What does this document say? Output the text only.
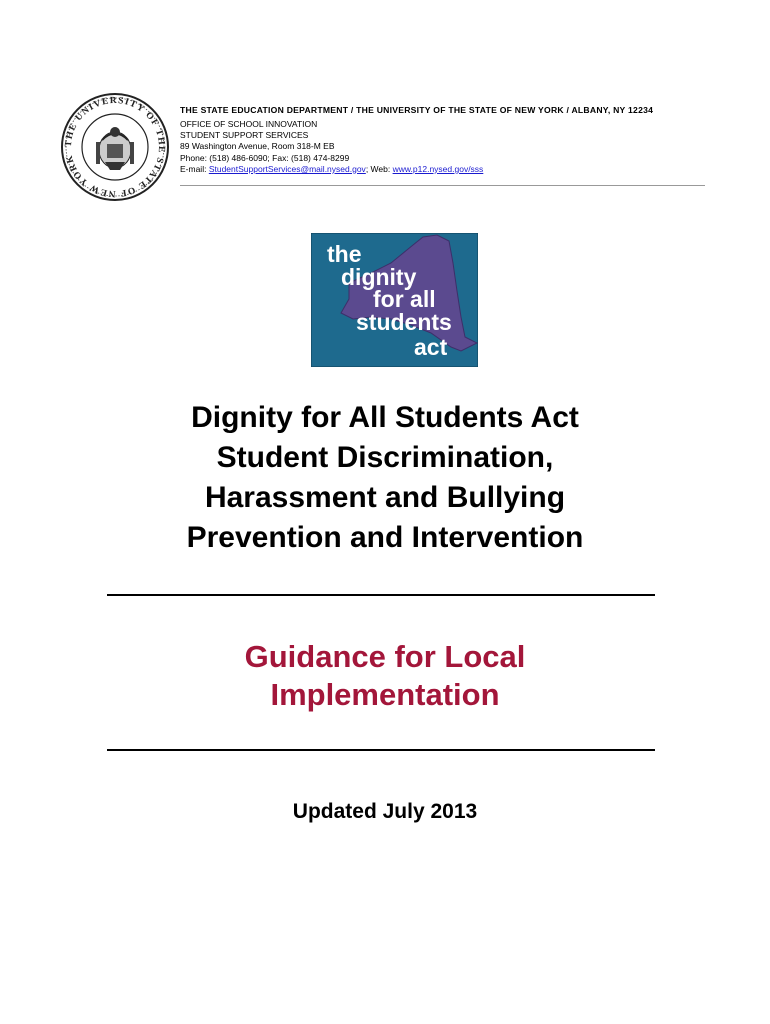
THE UNIVERSITY OF THE STATE OF NEW YORK
THE STATE EDUCATION DEPARTMENT / THE UNIVERSITY OF THE STATE OF NEW YORK / ALBANY, NY 12234
OFFICE OF SCHOOL INNOVATION
STUDENT SUPPORT SERVICES
89 Washington Avenue, Room 318-M EB
Phone: (518) 486-6090; Fax: (518) 474-8299
E-mail: StudentSupportServices@mail.nysed.gov; Web: www.p12.nysed.gov/sss
the
dignity
for all
students
act
Dignity for All Students Act
Student Discrimination,
Harassment and Bullying
Prevention and Intervention
Guidance for Local
Implementation
Updated July 2013
